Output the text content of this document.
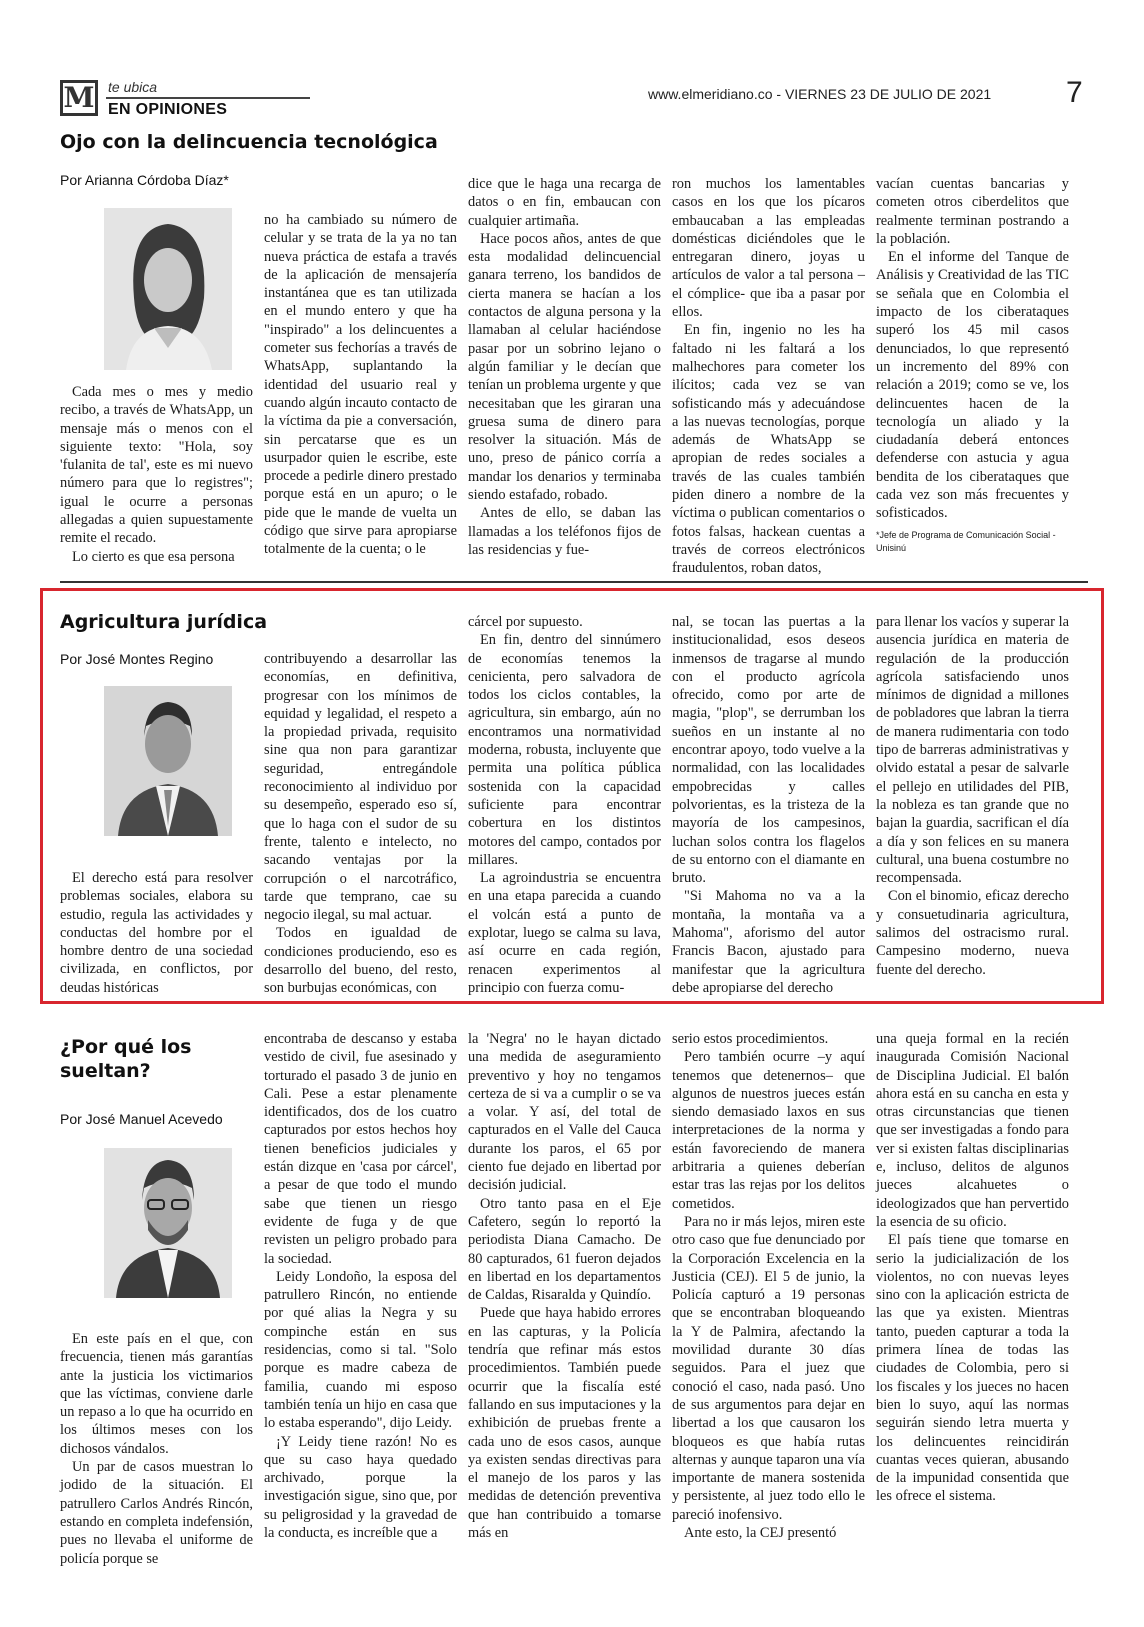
M te ubica
EN OPINIONES
www.elmeridiano.co - VIERNES 23 DE JULIO DE 2021 7
Ojo con la delincuencia tecnológica
Por Arianna Córdoba Díaz*

Cada mes o mes y medio recibo, a través de WhatsApp, un mensaje más o menos con el siguiente texto: "Hola, soy 'fulanita de tal', este es mi nuevo número para que lo registres"; igual le ocurre a personas allegadas a quien supuestamente remite el recado.

Lo cierto es que esa persona

no ha cambiado su número de celular y se trata de la ya no tan nueva práctica de estafa a través de la aplicación de mensajería instantánea que es tan utilizada en el mundo entero y que ha "inspirado" a los delincuentes a cometer sus fechorías a través de WhatsApp, suplantando la identidad del usuario real y cuando algún incauto contacto de la víctima da pie a conversación, sin percatarse que es un usurpador quien le escribe, este procede a pedirle dinero prestado porque está en un apuro; o le pide que le mande de vuelta un código que sirve para apropiarse totalmente de la cuenta; o le

dice que le haga una recarga de datos o en fin, embaucan con cualquier artimaña.

Hace pocos años, antes de que esta modalidad delincuencial ganara terreno, los bandidos de cierta manera se hacían a los contactos de alguna persona y la llamaban al celular haciéndose pasar por un sobrino lejano o algún familiar y le decían que tenían un problema urgente y que necesitaban que les giraran una gruesa suma de dinero para resolver la situación. Más de uno, preso de pánico corría a mandar los denarios y terminaba siendo estafado, robado.

Antes de ello, se daban las llamadas a los teléfonos fijos de las residencias y fue-

ron muchos los lamentables casos en los que los pícaros embaucaban a las empleadas domésticas diciéndoles que le entregaran dinero, joyas u artículos de valor a tal persona – el cómplice- que iba a pasar por ellos.

En fin, ingenio no les ha faltado ni les faltará a los malhechores para cometer los ilícitos; cada vez se van sofisticando más y adecuándose a las nuevas tecnologías, porque además de WhatsApp se apropian de redes sociales a través de las cuales también piden dinero a nombre de la víctima o publican comentarios o fotos falsas, hackean cuentas a través de correos electrónicos fraudulentos, roban datos,

vacían cuentas bancarias y cometen otros ciberdelitos que realmente terminan postrando a la población.

En el informe del Tanque de Análisis y Creatividad de las TIC se señala que en Colombia el impacto de los ciberataques superó los 45 mil casos denunciados, lo que representó un incremento del 89% con relación a 2019; como se ve, los delincuentes hacen de la tecnología un aliado y la ciudadanía deberá entonces defenderse con astucia y agua bendita de los ciberataques que cada vez son más frecuentes y sofisticados.

*Jefe de Programa de Comunicación Social - Unisinú

Agricultura jurídica
Por José Montes Regino

El derecho está para resolver problemas sociales, elabora su estudio, regula las actividades y conductas del hombre por el hombre dentro de una sociedad civilizada, en conflictos, por deudas históricas

contribuyendo a desarrollar las economías, en definitiva, progresar con los mínimos de equidad y legalidad, el respeto a la propiedad privada, requisito sine qua non para garantizar seguridad, entregándole reconocimiento al individuo por su desempeño, esperado eso sí, que lo haga con el sudor de su frente, talento e intelecto, no sacando ventajas por la corrupción o el narcotráfico, tarde que temprano, cae su negocio ilegal, su mal actuar.

Todos en igualdad de condiciones produciendo, eso es desarrollo del bueno, del resto, son burbujas económicas, con

cárcel por supuesto.

En fin, dentro del sinnúmero de economías tenemos la cenicienta, pero salvadora de todos los ciclos contables, la agricultura, sin embargo, aún no encontramos una normatividad moderna, robusta, incluyente que permita una política pública sostenida con la capacidad suficiente para encontrar cobertura en los distintos motores del campo, contados por millares.

La agroindustria se encuentra en una etapa parecida a cuando el volcán está a punto de explotar, luego se calma su lava, así ocurre en cada región, renacen experimentos al principio con fuerza comu-

nal, se tocan las puertas a la institucionalidad, esos deseos inmensos de tragarse al mundo con el producto agrícola ofrecido, como por arte de magia, "plop", se derrumban los sueños en un instante al no encontrar apoyo, todo vuelve a la normalidad, con las localidades empobrecidas y calles polvorientas, es la tristeza de la mayoría de los campesinos, luchan solos contra los flagelos de su entorno con el diamante en bruto.

"Si Mahoma no va a la montaña, la montaña va a Mahoma", aforismo del autor Francis Bacon, ajustado para manifestar que la agricultura debe apropiarse del derecho

para llenar los vacíos y superar la ausencia jurídica en materia de regulación de la producción agrícola satisfaciendo unos mínimos de dignidad a millones de pobladores que labran la tierra de manera rudimentaria con todo tipo de barreras administrativas y olvido estatal a pesar de salvarle el pellejo en utilidades del PIB, la nobleza es tan grande que no bajan la guardia, sacrifican el día a día y son felices en su manera cultural, una buena costumbre no recompensada.

Con el binomio, eficaz derecho y consuetudinaria agricultura, salimos del ostracismo rural. Campesino moderno, nueva fuente del derecho.

¿Por qué los sueltan?
Por José Manuel Acevedo

En este país en el que, con frecuencia, tienen más garantías ante la justicia los victimarios que las víctimas, conviene darle un repaso a lo que ha ocurrido en los últimos meses con los dichosos vándalos.

Un par de casos muestran lo jodido de la situación. El patrullero Carlos Andrés Rincón, estando en completa indefensión, pues no llevaba el uniforme de policía porque se

encontraba de descanso y estaba vestido de civil, fue asesinado y torturado el pasado 3 de junio en Cali. Pese a estar plenamente identificados, dos de los cuatro capturados por estos hechos hoy tienen beneficios judiciales y están dizque en 'casa por cárcel', a pesar de que todo el mundo sabe que tienen un riesgo evidente de fuga y de que revisten un peligro probado para la sociedad.

Leidy Londoño, la esposa del patrullero Rincón, no entiende por qué alias la Negra y su compinche están en sus residencias, como si tal. "Solo porque es madre cabeza de familia, cuando mi esposo también tenía un hijo en casa que lo estaba esperando", dijo Leidy.

¡Y Leidy tiene razón! No es que su caso haya quedado archivado, porque la investigación sigue, sino que, por su peligrosidad y la gravedad de la conducta, es increíble que a

la 'Negra' no le hayan dictado una medida de aseguramiento preventivo y hoy no tengamos certeza de si va a cumplir o se va a volar. Y así, del total de capturados en el Valle del Cauca durante los paros, el 65 por ciento fue dejado en libertad por decisión judicial.

Otro tanto pasa en el Eje Cafetero, según lo reportó la periodista Diana Camacho. De 80 capturados, 61 fueron dejados en libertad en los departamentos de Caldas, Risaralda y Quindío.

Puede que haya habido errores en las capturas, y la Policía tendría que refinar más estos procedimientos. También puede ocurrir que la fiscalía esté fallando en sus imputaciones y la exhibición de pruebas frente a cada uno de esos casos, aunque ya existen sendas directivas para el manejo de los paros y las medidas de detención preventiva que han contribuido a tomarse más en

serio estos procedimientos.

Pero también ocurre –y aquí tenemos que detenernos– que algunos de nuestros jueces están siendo demasiado laxos en sus interpretaciones de la norma y están favoreciendo de manera arbitraria a quienes deberían estar tras las rejas por los delitos cometidos.

Para no ir más lejos, miren este otro caso que fue denunciado por la Corporación Excelencia en la Justicia (CEJ). El 5 de junio, la Policía capturó a 19 personas que se encontraban bloqueando la Y de Palmira, afectando la movilidad durante 30 días seguidos. Para el juez que conoció el caso, nada pasó. Uno de sus argumentos para dejar en libertad a los que causaron los bloqueos es que había rutas alternas y aunque taparon una vía importante de manera sostenida y persistente, al juez todo ello le pareció inofensivo.

Ante esto, la CEJ presentó

una queja formal en la recién inaugurada Comisión Nacional de Disciplina Judicial. El balón ahora está en su cancha en esta y otras circunstancias que tienen que ser investigadas a fondo para ver si existen faltas disciplinarias e, incluso, delitos de algunos jueces alcahuetes o ideologizados que han pervertido la esencia de su oficio.

El país tiene que tomarse en serio la judicialización de los violentos, no con nuevas leyes sino con la aplicación estricta de las que ya existen. Mientras tanto, pueden capturar a toda la primera línea de todas las ciudades de Colombia, pero si los fiscales y los jueces no hacen bien lo suyo, aquí las normas seguirán siendo letra muerta y los delincuentes reincidirán cuantas veces quieran, abusando de la impunidad consentida que les ofrece el sistema.
